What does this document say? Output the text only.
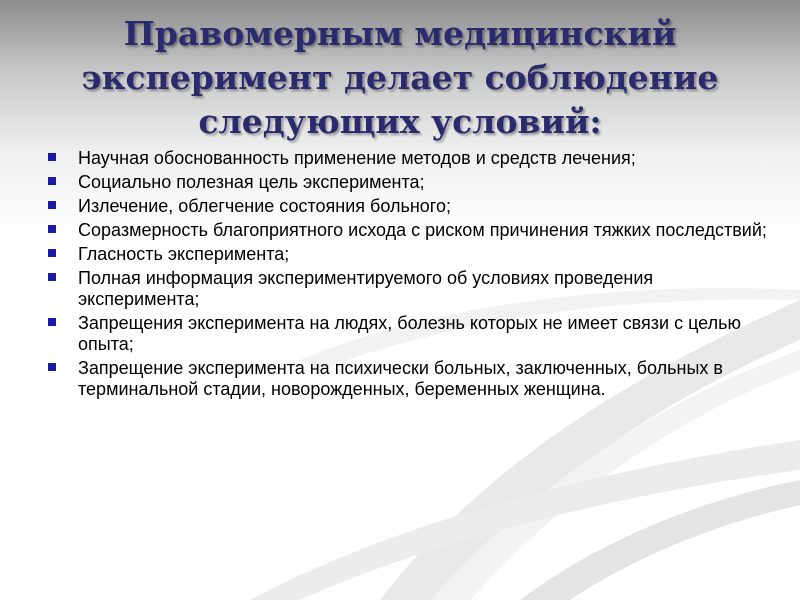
Правомерным медицинский эксперимент делает соблюдение следующих условий:
Научная обоснованность применение методов и средств лечения;
Социально полезная цель эксперимента;
Излечение, облегчение состояния больного;
Соразмерность благоприятного исхода с риском причинения тяжких последствий;
Гласность эксперимента;
Полная информация экспериментируемого об условиях проведения эксперимента;
Запрещения эксперимента на людях, болезнь которых не имеет связи с целью опыта;
Запрещение эксперимента на психически больных, заключенных, больных в терминальной стадии, новорожденных, беременных женщина.
